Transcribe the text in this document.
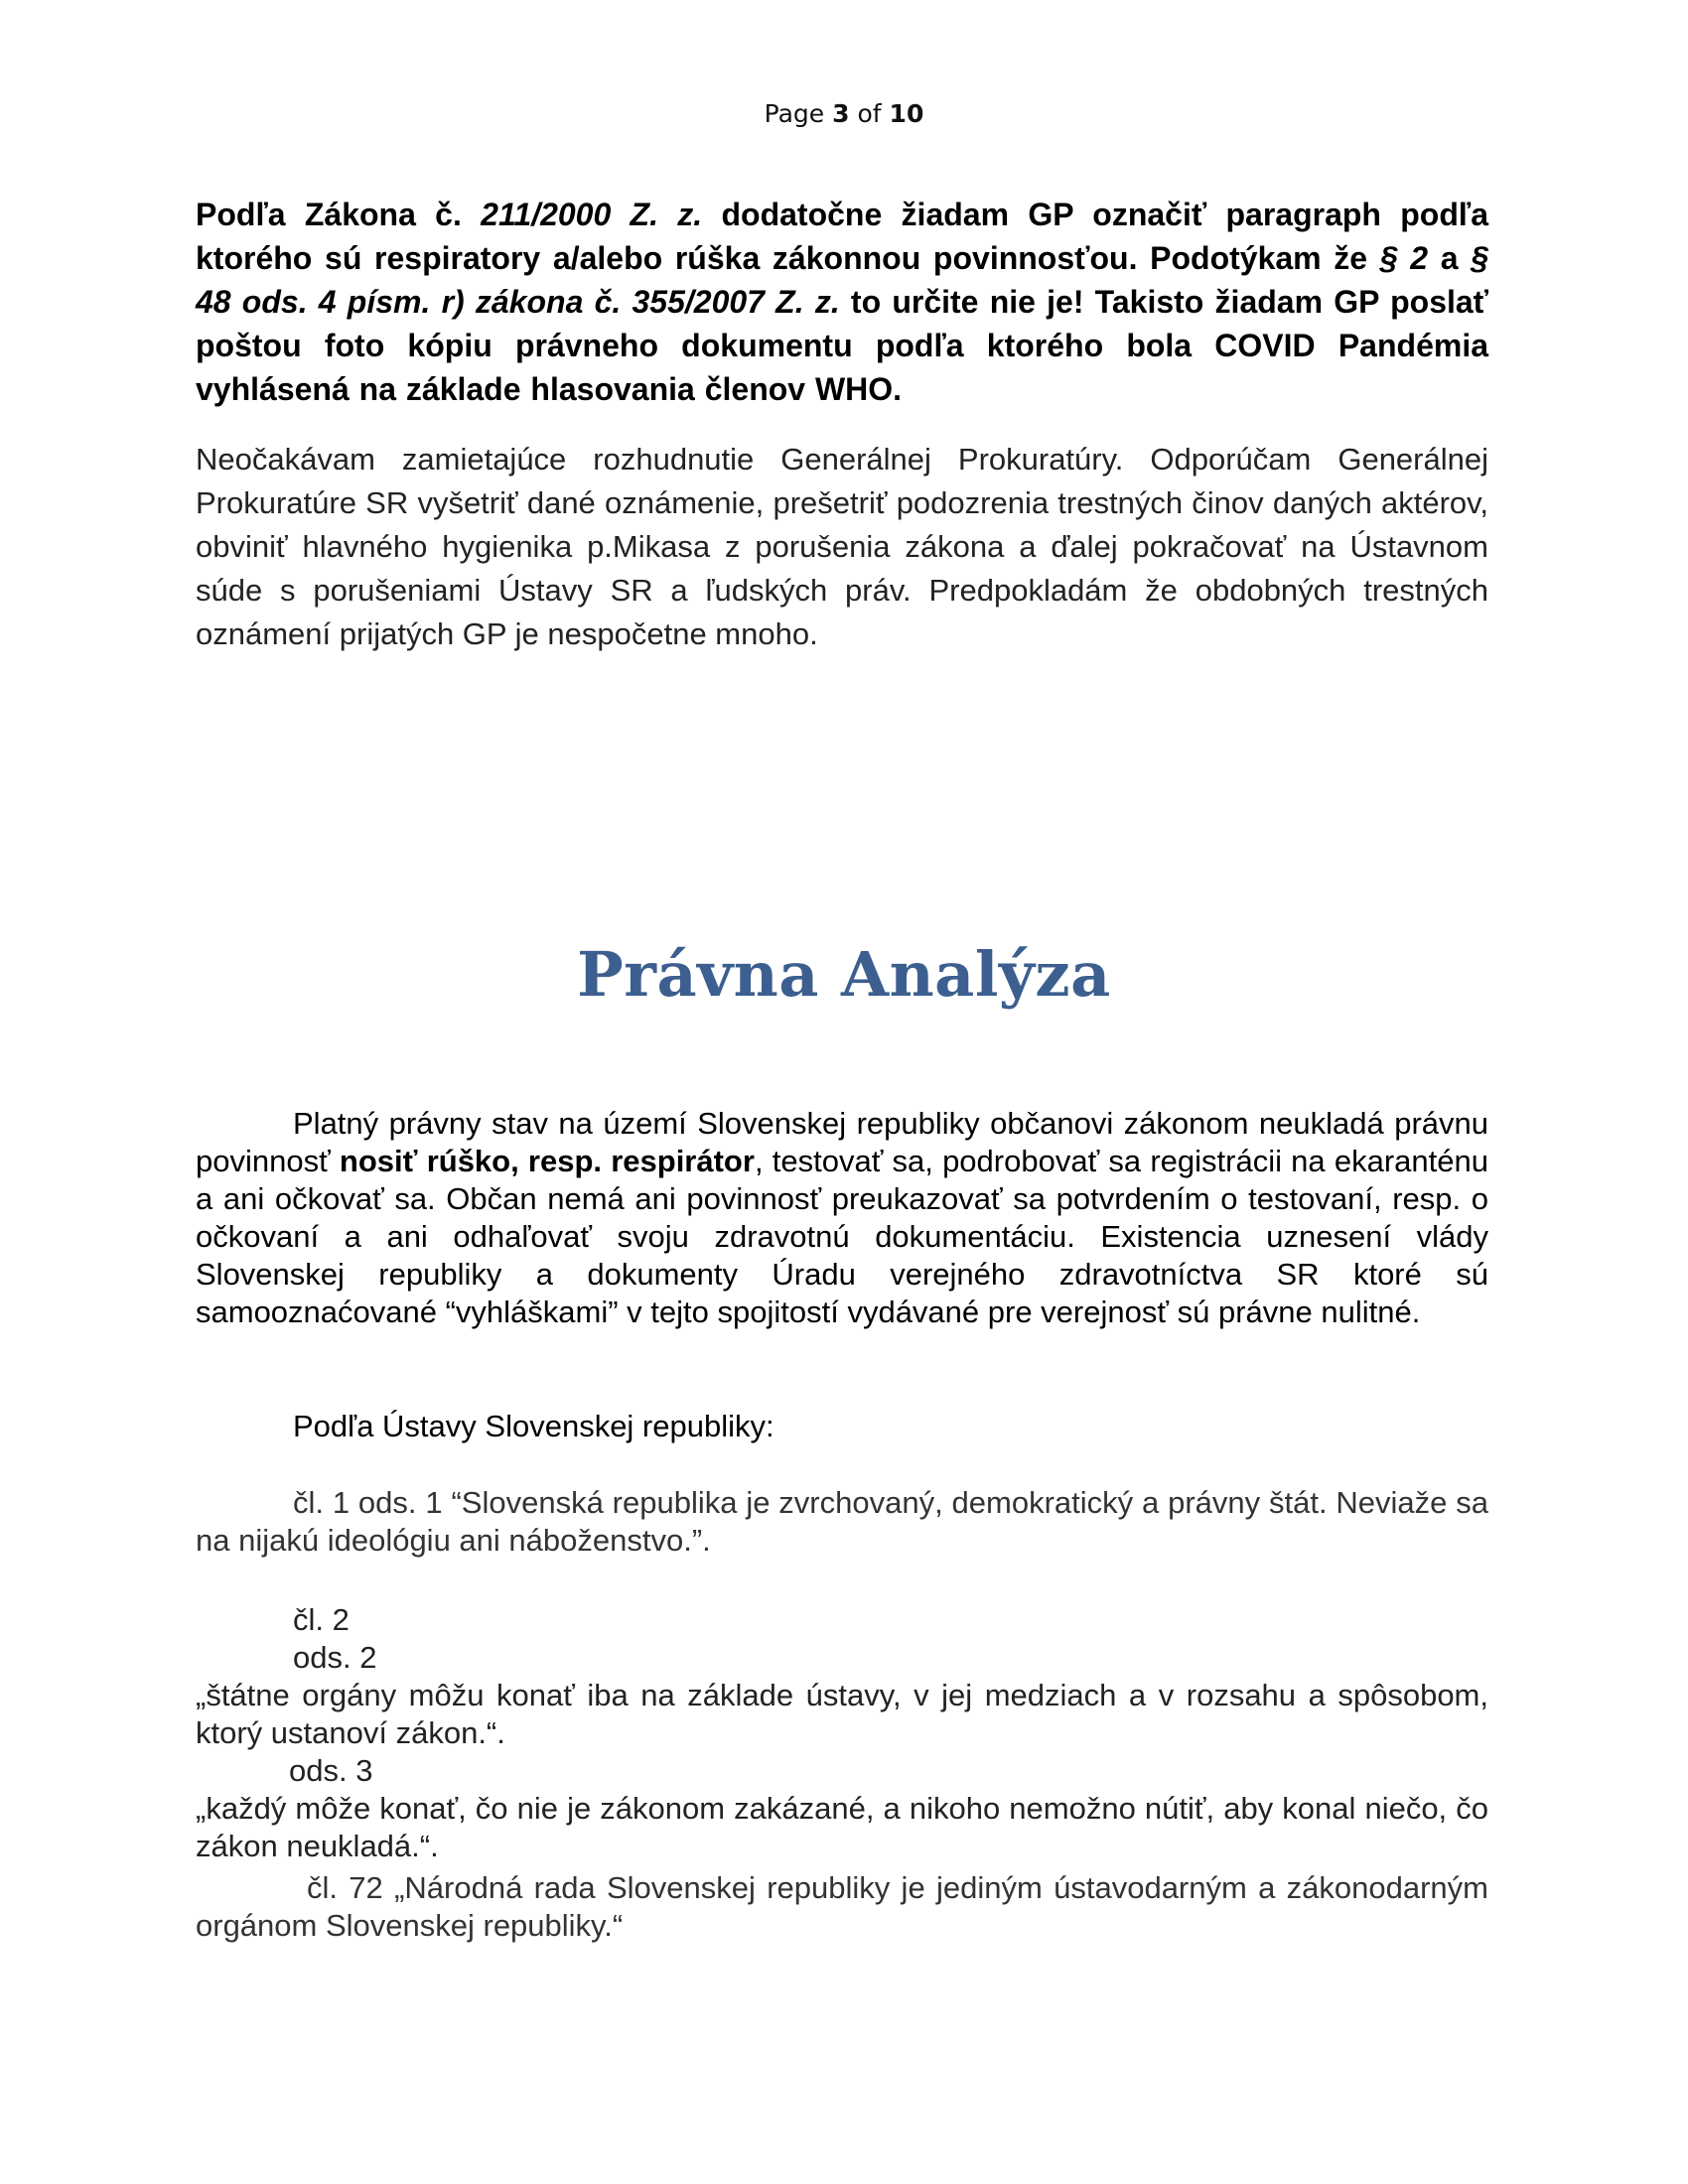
Page 3 of 10
Podľa Zákona č. 211/2000 Z. z. dodatočne žiadam GP označiť paragraph podľa ktorého sú respiratory a/alebo rúška zákonnou povinnosťou. Podotýkam že § 2 a § 48 ods. 4 písm. r) zákona č. 355/2007 Z. z. to určite nie je! Takisto žiadam GP poslať poštou foto kópiu právneho dokumentu podľa ktorého bola COVID Pandémia vyhlásená na základe hlasovania členov WHO.
Neočakávam zamietajúce rozhudnutie Generálnej Prokuratúry. Odporúčam Generálnej Prokuratúre SR vyšetriť dané oznámenie, prešetriť podozrenia trestných činov daných aktérov, obviniť hlavného hygienika p.Mikasa z porušenia zákona a ďalej pokračovať na Ústavnom súde s porušeniami Ústavy SR a ľudských práv. Predpokladám že obdobných trestných oznámení prijatých GP je nespočetne mnoho.
Právna Analýza
Platný právny stav na území Slovenskej republiky občanovi zákonom neukladá právnu povinnosť nosiť rúško, resp. respirátor, testovať sa, podrobovať sa registrácii na ekaranténu a ani očkovať sa. Občan nemá ani povinnosť preukazovať sa potvrdením o testovaní, resp. o očkovaní a ani odhaľovať svoju zdravotnú dokumentáciu. Existencia uznesení vlády Slovenskej republiky a dokumenty Úradu verejného zdravotníctva SR ktoré sú samooznaćované “vyhláškami” v tejto spojitostí vydávané pre verejnosť sú právne nulitné.
Podľa Ústavy Slovenskej republiky:
čl. 1 ods. 1 “Slovenská republika je zvrchovaný, demokratický a právny štát. Neviaže sa na nijakú ideológiu ani náboženstvo.”.
čl. 2
ods. 2
„štátne orgány môžu konať iba na základe ústavy, v jej medziach a v rozsahu a spôsobom, ktorý ustanoví zákon.“.
ods. 3
„každý môže konať, čo nie je zákonom zakázané, a nikoho nemožno nútiť, aby konal niečo, čo zákon neukladá.“.
čl. 72 „Národná rada Slovenskej republiky je jediným ústavodarným a zákonodarným orgánom Slovenskej republiky.“
